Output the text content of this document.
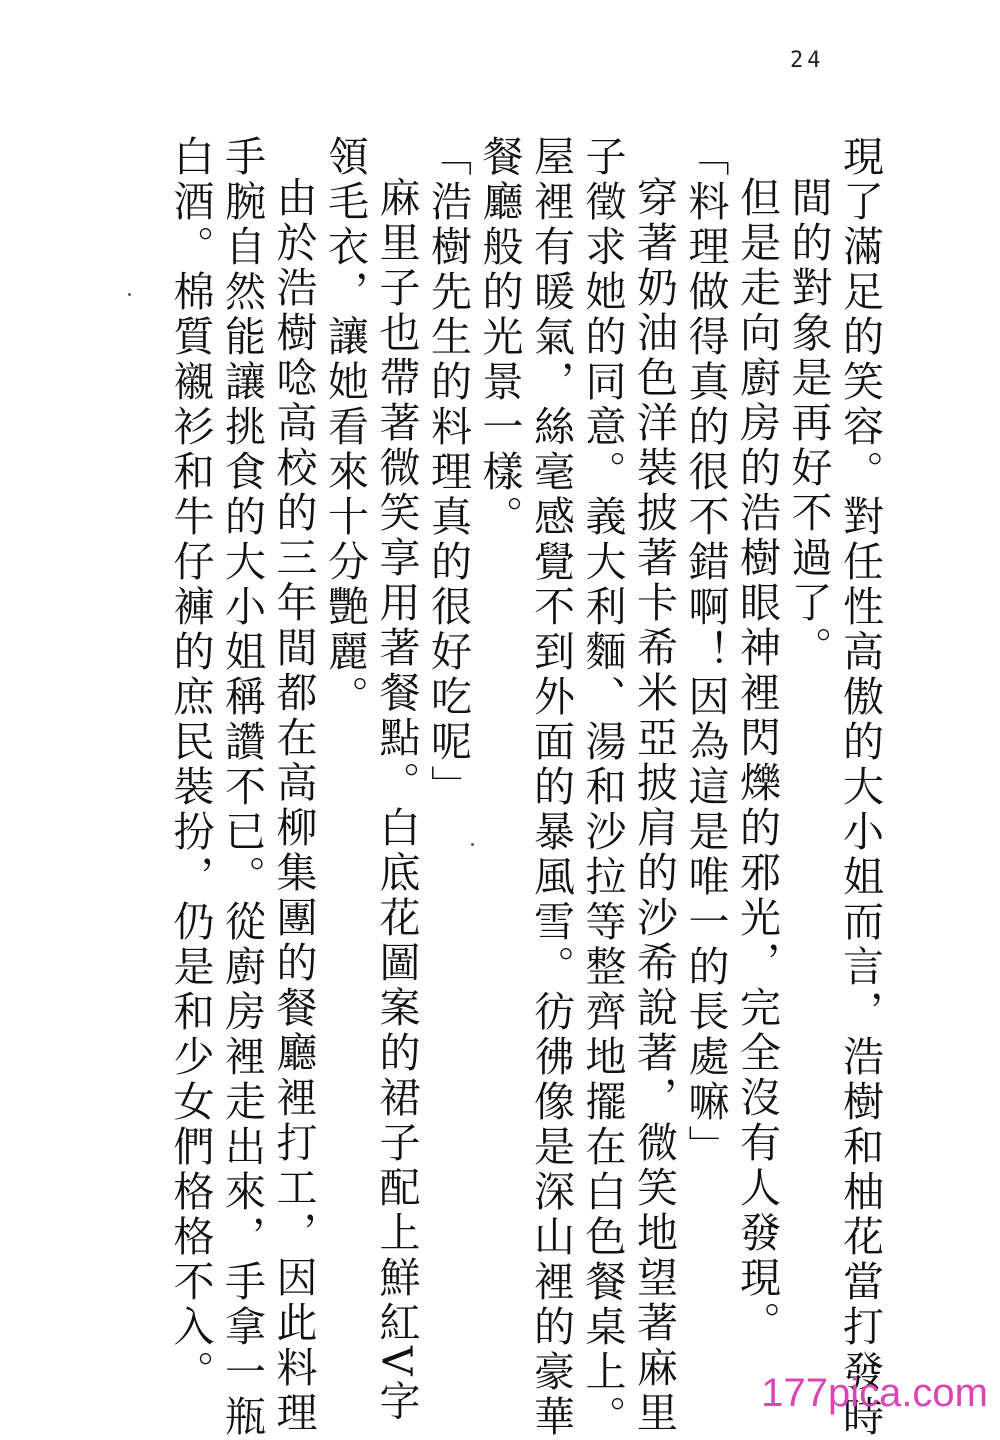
24
現了滿足的笑容。對任性高傲的大小姐而言，浩樹和柚花當打發時
間的對象是再好不過了。
但是走向廚房的浩樹眼神裡閃爍的邪光，完全沒有人發現。
「料理做得真的很不錯啊！因為這是唯一的長處嘛」
穿著奶油色洋裝披著卡希米亞披肩的沙希說著，微笑地望著麻里
子徵求她的同意。義大利麵、湯和沙拉等整齊地擺在白色餐桌上。
屋裡有暖氣，絲毫感覺不到外面的暴風雪。彷彿像是深山裡的豪華
餐廳般的光景一樣。
「浩樹先生的料理真的很好吃呢」
麻里子也帶著微笑享用著餐點。白底花圖案的裙子配上鮮紅V字
領毛衣，讓她看來十分艷麗。
由於浩樹唸高校的三年間都在高柳集團的餐廳裡打工，因此料理
手腕自然能讓挑食的大小姐稱讚不已。從廚房裡走出來，手拿一瓶
白酒。棉質襯衫和牛仔褲的庶民裝扮，仍是和少女們格格不入。	177pica.com
